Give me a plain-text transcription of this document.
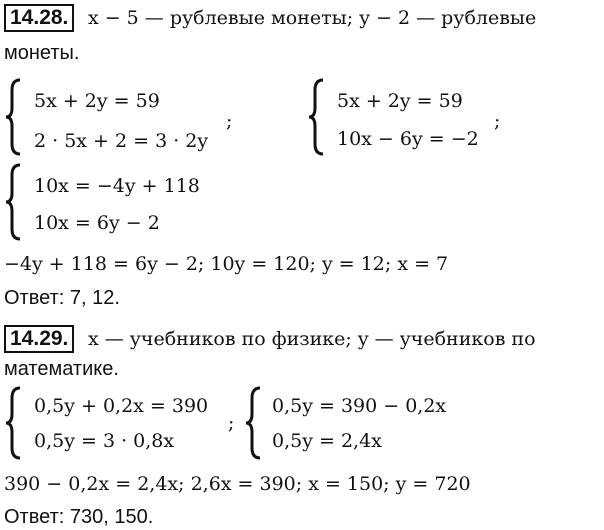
14.28. x − 5 — рублевые монеты; y − 2 — рублевые
монеты.
5x + 2y = 59
2 · 5x + 2 = 3 · 2y
;
5x + 2y = 59
10x − 6y = −2
;
10x = −4y + 118
10x = 6y − 2
−4y + 118 = 6y − 2; 10y = 120; y = 12; x = 7
Ответ: 7, 12.
14.29. x — учебников по физике; y — учебников по
математике.
0,5y + 0,2x = 390
0,5y = 3 · 0,8x
;
0,5y = 390 − 0,2x
0,5y = 2,4x
390 − 0,2x = 2,4x; 2,6x = 390; x = 150; y = 720
Ответ: 730, 150.
